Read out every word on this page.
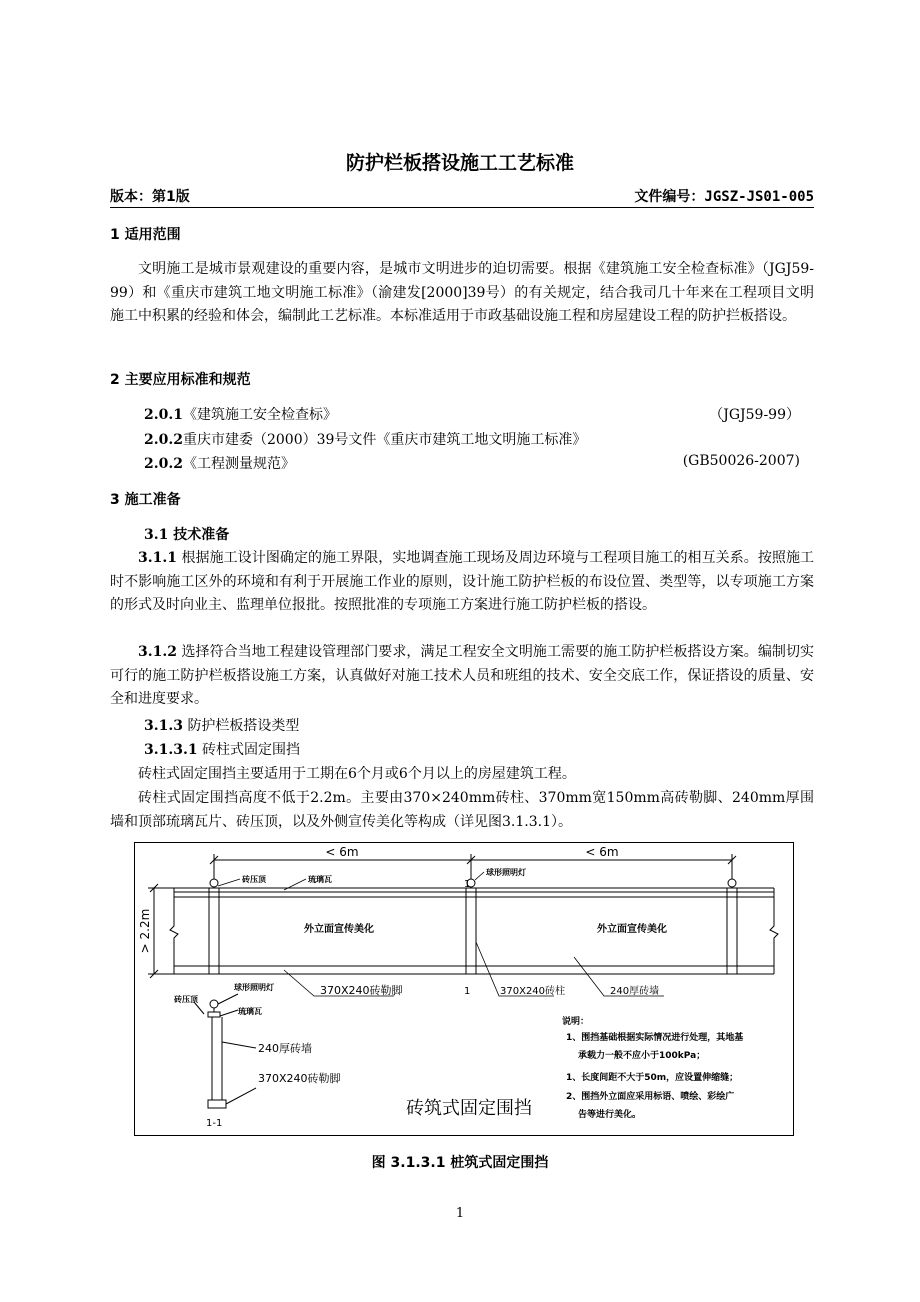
防护栏板搭设施工工艺标准
版本：第1版	文件编号：JGSZ-JS01-005
1 适用范围

文明施工是城市景观建设的重要内容，是城市文明进步的迫切需要。根据《建筑施工安全检查标准》（JGJ59-99）和《重庆市建筑工地文明施工标准》（渝建发[2000]39号）的有关规定，结合我司几十年来在工程项目文明施工中积累的经验和体会，编制此工艺标准。本标准适用于市政基础设施工程和房屋建设工程的防护拦板搭设。

2 主要应用标准和规范
2.0.1《建筑施工安全检查标》	（JGJ59-99）
2.0.2重庆市建委（2000）39号文件《重庆市建筑工地文明施工标准》
2.0.2《工程测量规范》	(GB50026-2007)
3 施工准备
3.1 技术准备

3.1.1 根据施工设计图确定的施工界限，实地调查施工现场及周边环境与工程项目施工的相互关系。按照施工时不影响施工区外的环境和有利于开展施工作业的原则，设计施工防护栏板的布设位置、类型等，以专项施工方案的形式及时向业主、监理单位报批。按照批准的专项施工方案进行施工防护栏板的搭设。

3.1.2 选择符合当地工程建设管理部门要求，满足工程安全文明施工需要的施工防护栏板搭设方案。编制切实可行的施工防护栏板搭设施工方案，认真做好对施工技术人员和班组的技术、安全交底工作，保证搭设的质量、安全和进度要求。

3.1.3 防护栏板搭设类型
3.1.3.1 砖柱式固定围挡

砖柱式固定围挡主要适用于工期在6个月或6个月以上的房屋建筑工程。

砖柱式固定围挡高度不低于2.2m。主要由370×240mm砖柱、370mm宽150mm高砖勒脚、240mm厚围墙和顶部琉璃瓦片、砖压顶，以及外侧宣传美化等构成（详见图3.1.3.1）。

< 6m	< 6m
> 2.2m
砖压顶	琉璃瓦
球形照明灯
1
1
外立面宣传美化	外立面宣传美化
370X240砖勒脚	370X240砖柱	240厚砖墙
球形照明灯
砖压顶
琉璃瓦
240厚砖墙
370X240砖勒脚
1-1
砖筑式固定围挡
说明：
1、围挡基础根据实际情况进行处理，其地基
承载力一般不应小于100kPa；
1、长度间距不大于50m，应设置伸缩缝；
2、围挡外立面应采用标语、喷绘、彩绘广
告等进行美化。
图 3.1.3.1 桩筑式固定围挡
1
